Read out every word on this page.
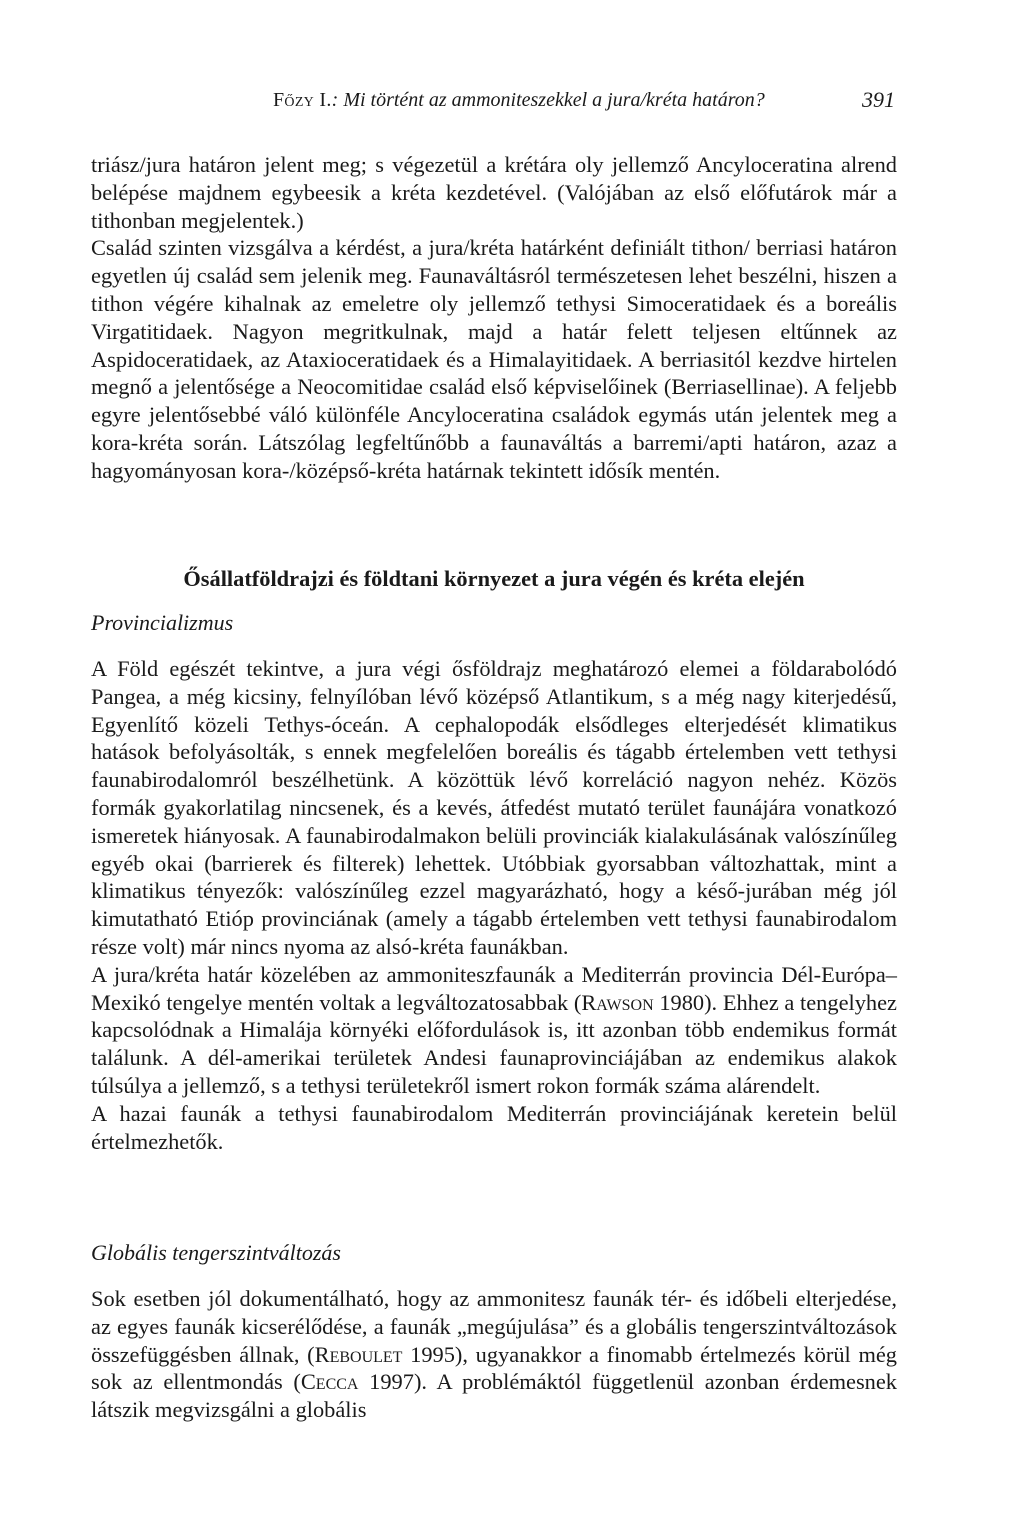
Főzy I.: Mi történt az ammoniteszekkel a jura/kréta határon?	391

triász/jura határon jelent meg; s végezetül a krétára oly jellemző Ancyloceratina alrend belépése majdnem egybeesik a kréta kezdetével. (Valójában az első előfutárok már a tithonban megjelentek.)

Család szinten vizsgálva a kérdést, a jura/kréta határként definiált tithon/ berriasi határon egyetlen új család sem jelenik meg. Faunaváltásról természetesen lehet beszélni, hiszen a tithon végére kihalnak az emeletre oly jellemző tethysi Simoceratidaek és a boreális Virgatitidaek. Nagyon megritkulnak, majd a határ felett teljesen eltűnnek az Aspidoceratidaek, az Ataxioceratidaek és a Himalayitidaek. A berriasitól kezdve hirtelen megnő a jelentősége a Neocomitidae család első képviselőinek (Berriasellinae). A feljebb egyre jelentősebbé váló különféle Ancyloceratina családok egymás után jelentek meg a kora-kréta során. Látszólag legfeltűnőbb a faunaváltás a barremi/apti határon, azaz a hagyományosan kora-/középső-kréta határnak tekintett idősík mentén.

Ősállatföldrajzi és földtani környezet a jura végén és kréta elején
Provincializmus

A Föld egészét tekintve, a jura végi ősföldrajz meghatározó elemei a földarabolódó Pangea, a még kicsiny, felnyílóban lévő középső Atlantikum, s a még nagy kiterjedésű, Egyenlítő közeli Tethys-óceán. A cephalopodák elsődleges elterjedését klimatikus hatások befolyásolták, s ennek megfelelően boreális és tágabb értelemben vett tethysi faunabirodalomról beszélhetünk. A közöttük lévő korreláció nagyon nehéz. Közös formák gyakorlatilag nincsenek, és a kevés, átfedést mutató terület faunájára vonatkozó ismeretek hiányosak. A faunabirodalmakon belüli provinciák kialakulásának valószínűleg egyéb okai (barrierek és filterek) lehettek. Utóbbiak gyorsabban változhattak, mint a klimatikus tényezők: valószínűleg ezzel magyarázható, hogy a késő-jurában még jól kimutatható Etióp provinciának (amely a tágabb értelemben vett tethysi faunabirodalom része volt) már nincs nyoma az alsó-kréta faunákban.

A jura/kréta határ közelében az ammoniteszfaunák a Mediterrán provincia Dél-Európa–Mexikó tengelye mentén voltak a legváltozatosabbak (Rawson 1980). Ehhez a tengelyhez kapcsolódnak a Himalája környéki előfordulások is, itt azonban több endemikus formát találunk. A dél-amerikai területek Andesi faunaprovinciájában az endemikus alakok túlsúlya a jellemző, s a tethysi területekről ismert rokon formák száma alárendelt.

A hazai faunák a tethysi faunabirodalom Mediterrán provinciájának keretein belül értelmezhetők.

Globális tengerszintváltozás

Sok esetben jól dokumentálható, hogy az ammonitesz faunák tér- és időbeli elterjedése, az egyes faunák kicserélődése, a faunák „megújulása” és a globális tengerszintváltozások összefüggésben állnak, (Reboulet 1995), ugyanakkor a finomabb értelmezés körül még sok az ellentmondás (Cecca 1997). A problémáktól függetlenül azonban érdemesnek látszik megvizsgálni a globális
